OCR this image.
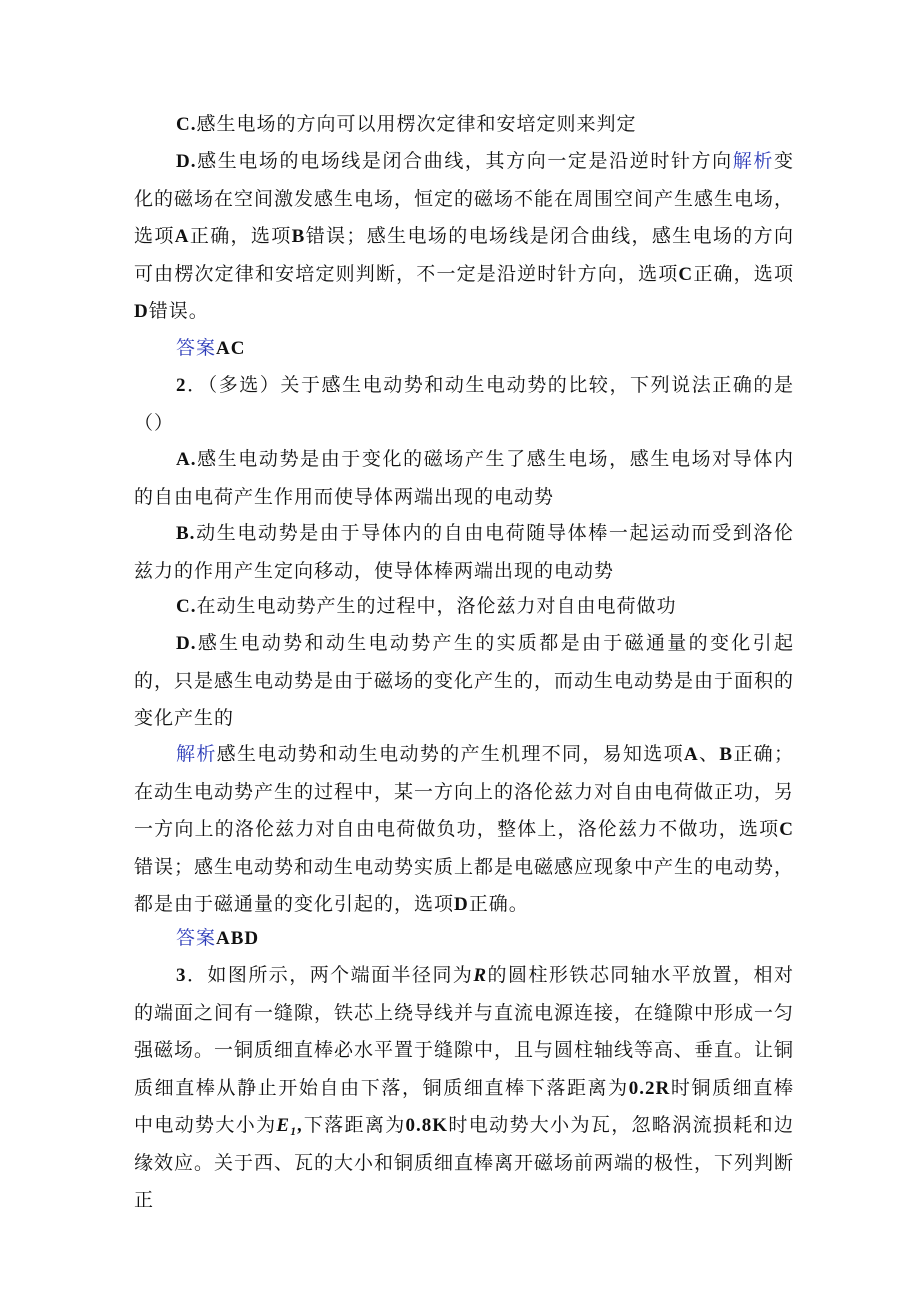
C.感生电场的方向可以用楞次定律和安培定则来判定

D.感生电场的电场线是闭合曲线，其方向一定是沿逆时针方向解析变化的磁场在空间激发感生电场，恒定的磁场不能在周围空间产生感生电场，选项A正确，选项B错误；感生电场的电场线是闭合曲线，感生电场的方向可由楞次定律和安培定则判断，不一定是沿逆时针方向，选项C正确，选项D错误。

答案AC

2．（多选）关于感生电动势和动生电动势的比较，下列说法正确的是（）

A.感生电动势是由于变化的磁场产生了感生电场，感生电场对导体内的自由电荷产生作用而使导体两端出现的电动势

B.动生电动势是由于导体内的自由电荷随导体棒一起运动而受到洛伦兹力的作用产生定向移动，使导体棒两端出现的电动势

C.在动生电动势产生的过程中，洛伦兹力对自由电荷做功

D.感生电动势和动生电动势产生的实质都是由于磁通量的变化引起的，只是感生电动势是由于磁场的变化产生的，而动生电动势是由于面积的变化产生的

解析感生电动势和动生电动势的产生机理不同，易知选项A、B正确；在动生电动势产生的过程中，某一方向上的洛伦兹力对自由电荷做正功，另一方向上的洛伦兹力对自由电荷做负功，整体上，洛伦兹力不做功，选项C错误；感生电动势和动生电动势实质上都是电磁感应现象中产生的电动势，都是由于磁通量的变化引起的，选项D正确。

答案ABD

3．如图所示，两个端面半径同为R的圆柱形铁芯同轴水平放置，相对的端面之间有一缝隙，铁芯上绕导线并与直流电源连接，在缝隙中形成一匀强磁场。一铜质细直棒必水平置于缝隙中，且与圆柱轴线等高、垂直。让铜质细直棒从静止开始自由下落，铜质细直棒下落距离为0.2R时铜质细直棒中电动势大小为E₁,下落距离为0.8K时电动势大小为瓦，忽略涡流损耗和边缘效应。关于西、瓦的大小和铜质细直棒离开磁场前两端的极性，下列判断正
